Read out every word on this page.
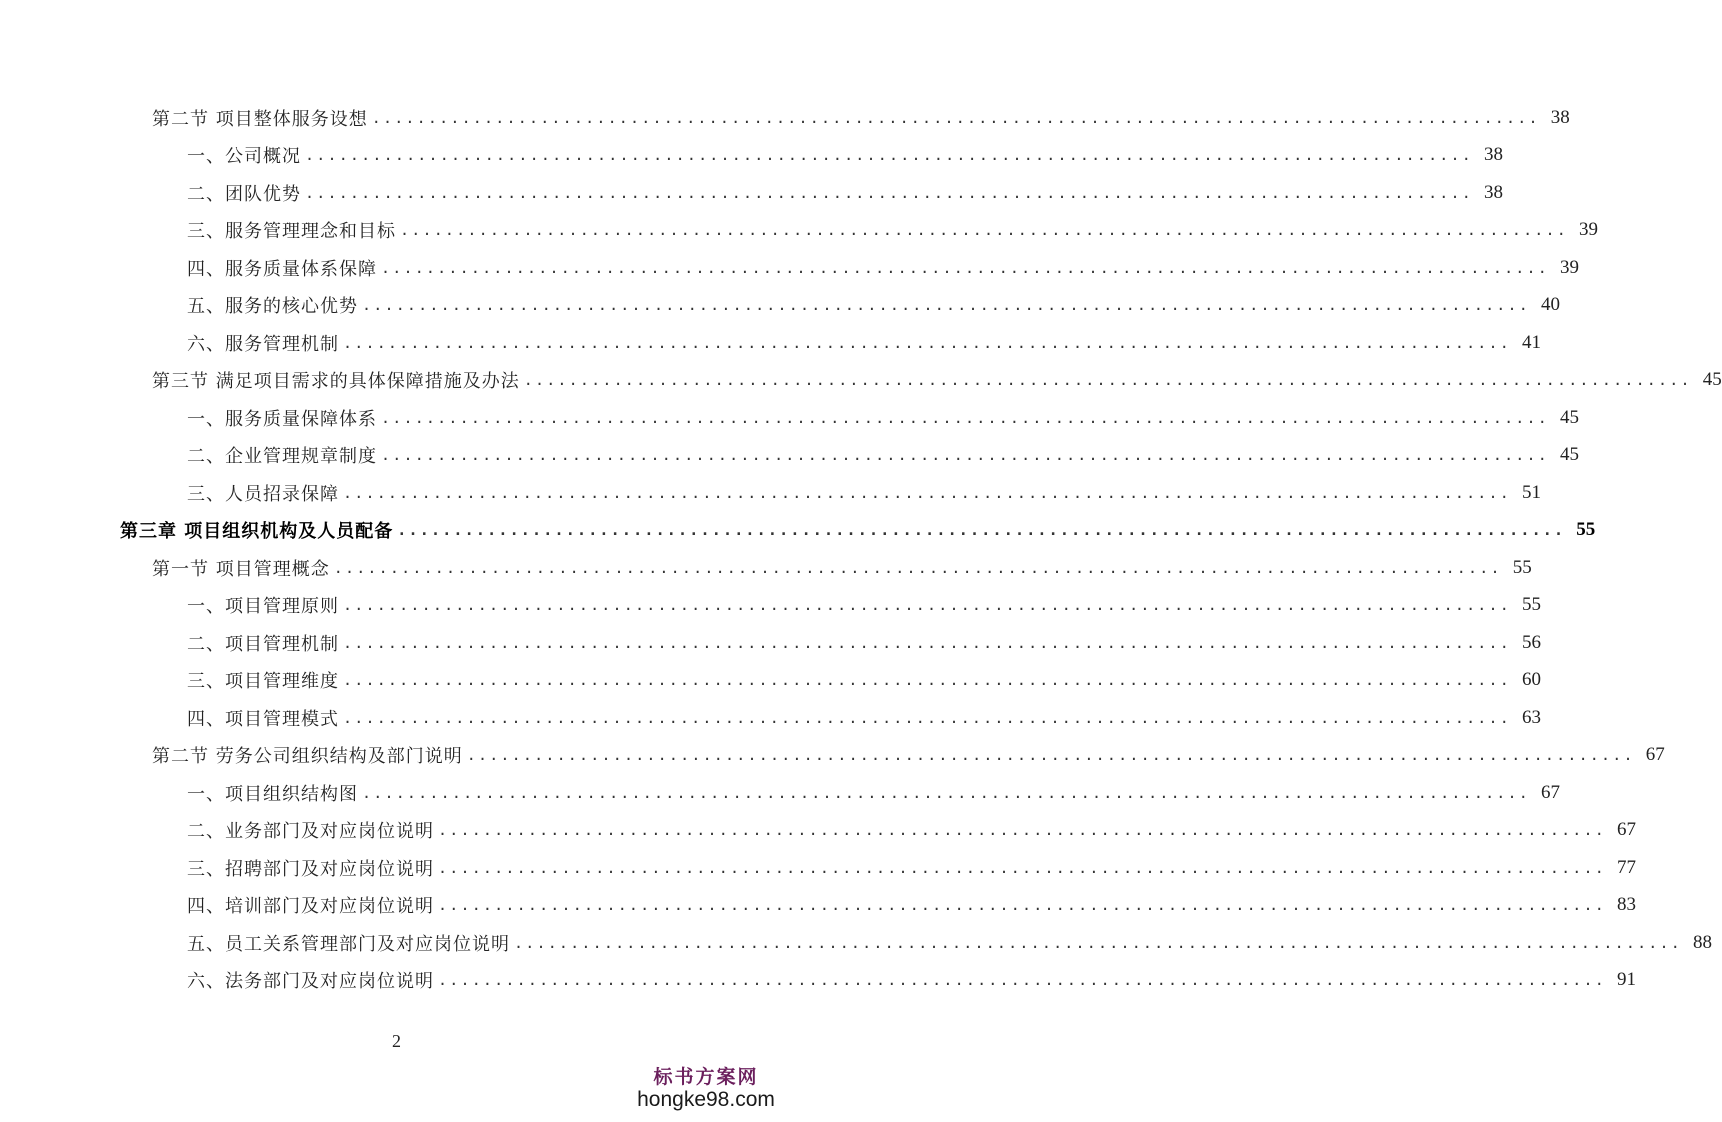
第二节 项目整体服务设想 ........................................................................................................ 38
一、公司概况 ........................................................................................................ 38
二、团队优势 ........................................................................................................ 38
三、服务管理理念和目标 ........................................................................................................ 39
四、服务质量体系保障 ........................................................................................................ 39
五、服务的核心优势 ........................................................................................................ 40
六、服务管理机制 ........................................................................................................ 41
第三节 满足项目需求的具体保障措施及办法 ........................................................................................................ 45
一、服务质量保障体系 ........................................................................................................ 45
二、企业管理规章制度 ........................................................................................................ 45
三、人员招录保障 ........................................................................................................ 51
第三章 项目组织机构及人员配备 ........................................................................................................ 55
第一节 项目管理概念 ........................................................................................................ 55
一、项目管理原则 ........................................................................................................ 55
二、项目管理机制 ........................................................................................................ 56
三、项目管理维度 ........................................................................................................ 60
四、项目管理模式 ........................................................................................................ 63
第二节 劳务公司组织结构及部门说明 ........................................................................................................ 67
一、项目组织结构图 ........................................................................................................ 67
二、业务部门及对应岗位说明 ........................................................................................................ 67
三、招聘部门及对应岗位说明 ........................................................................................................ 77
四、培训部门及对应岗位说明 ........................................................................................................ 83
五、员工关系管理部门及对应岗位说明 ........................................................................................................ 88
六、法务部门及对应岗位说明 ........................................................................................................ 91
2
标书方案网
hongke98.com
